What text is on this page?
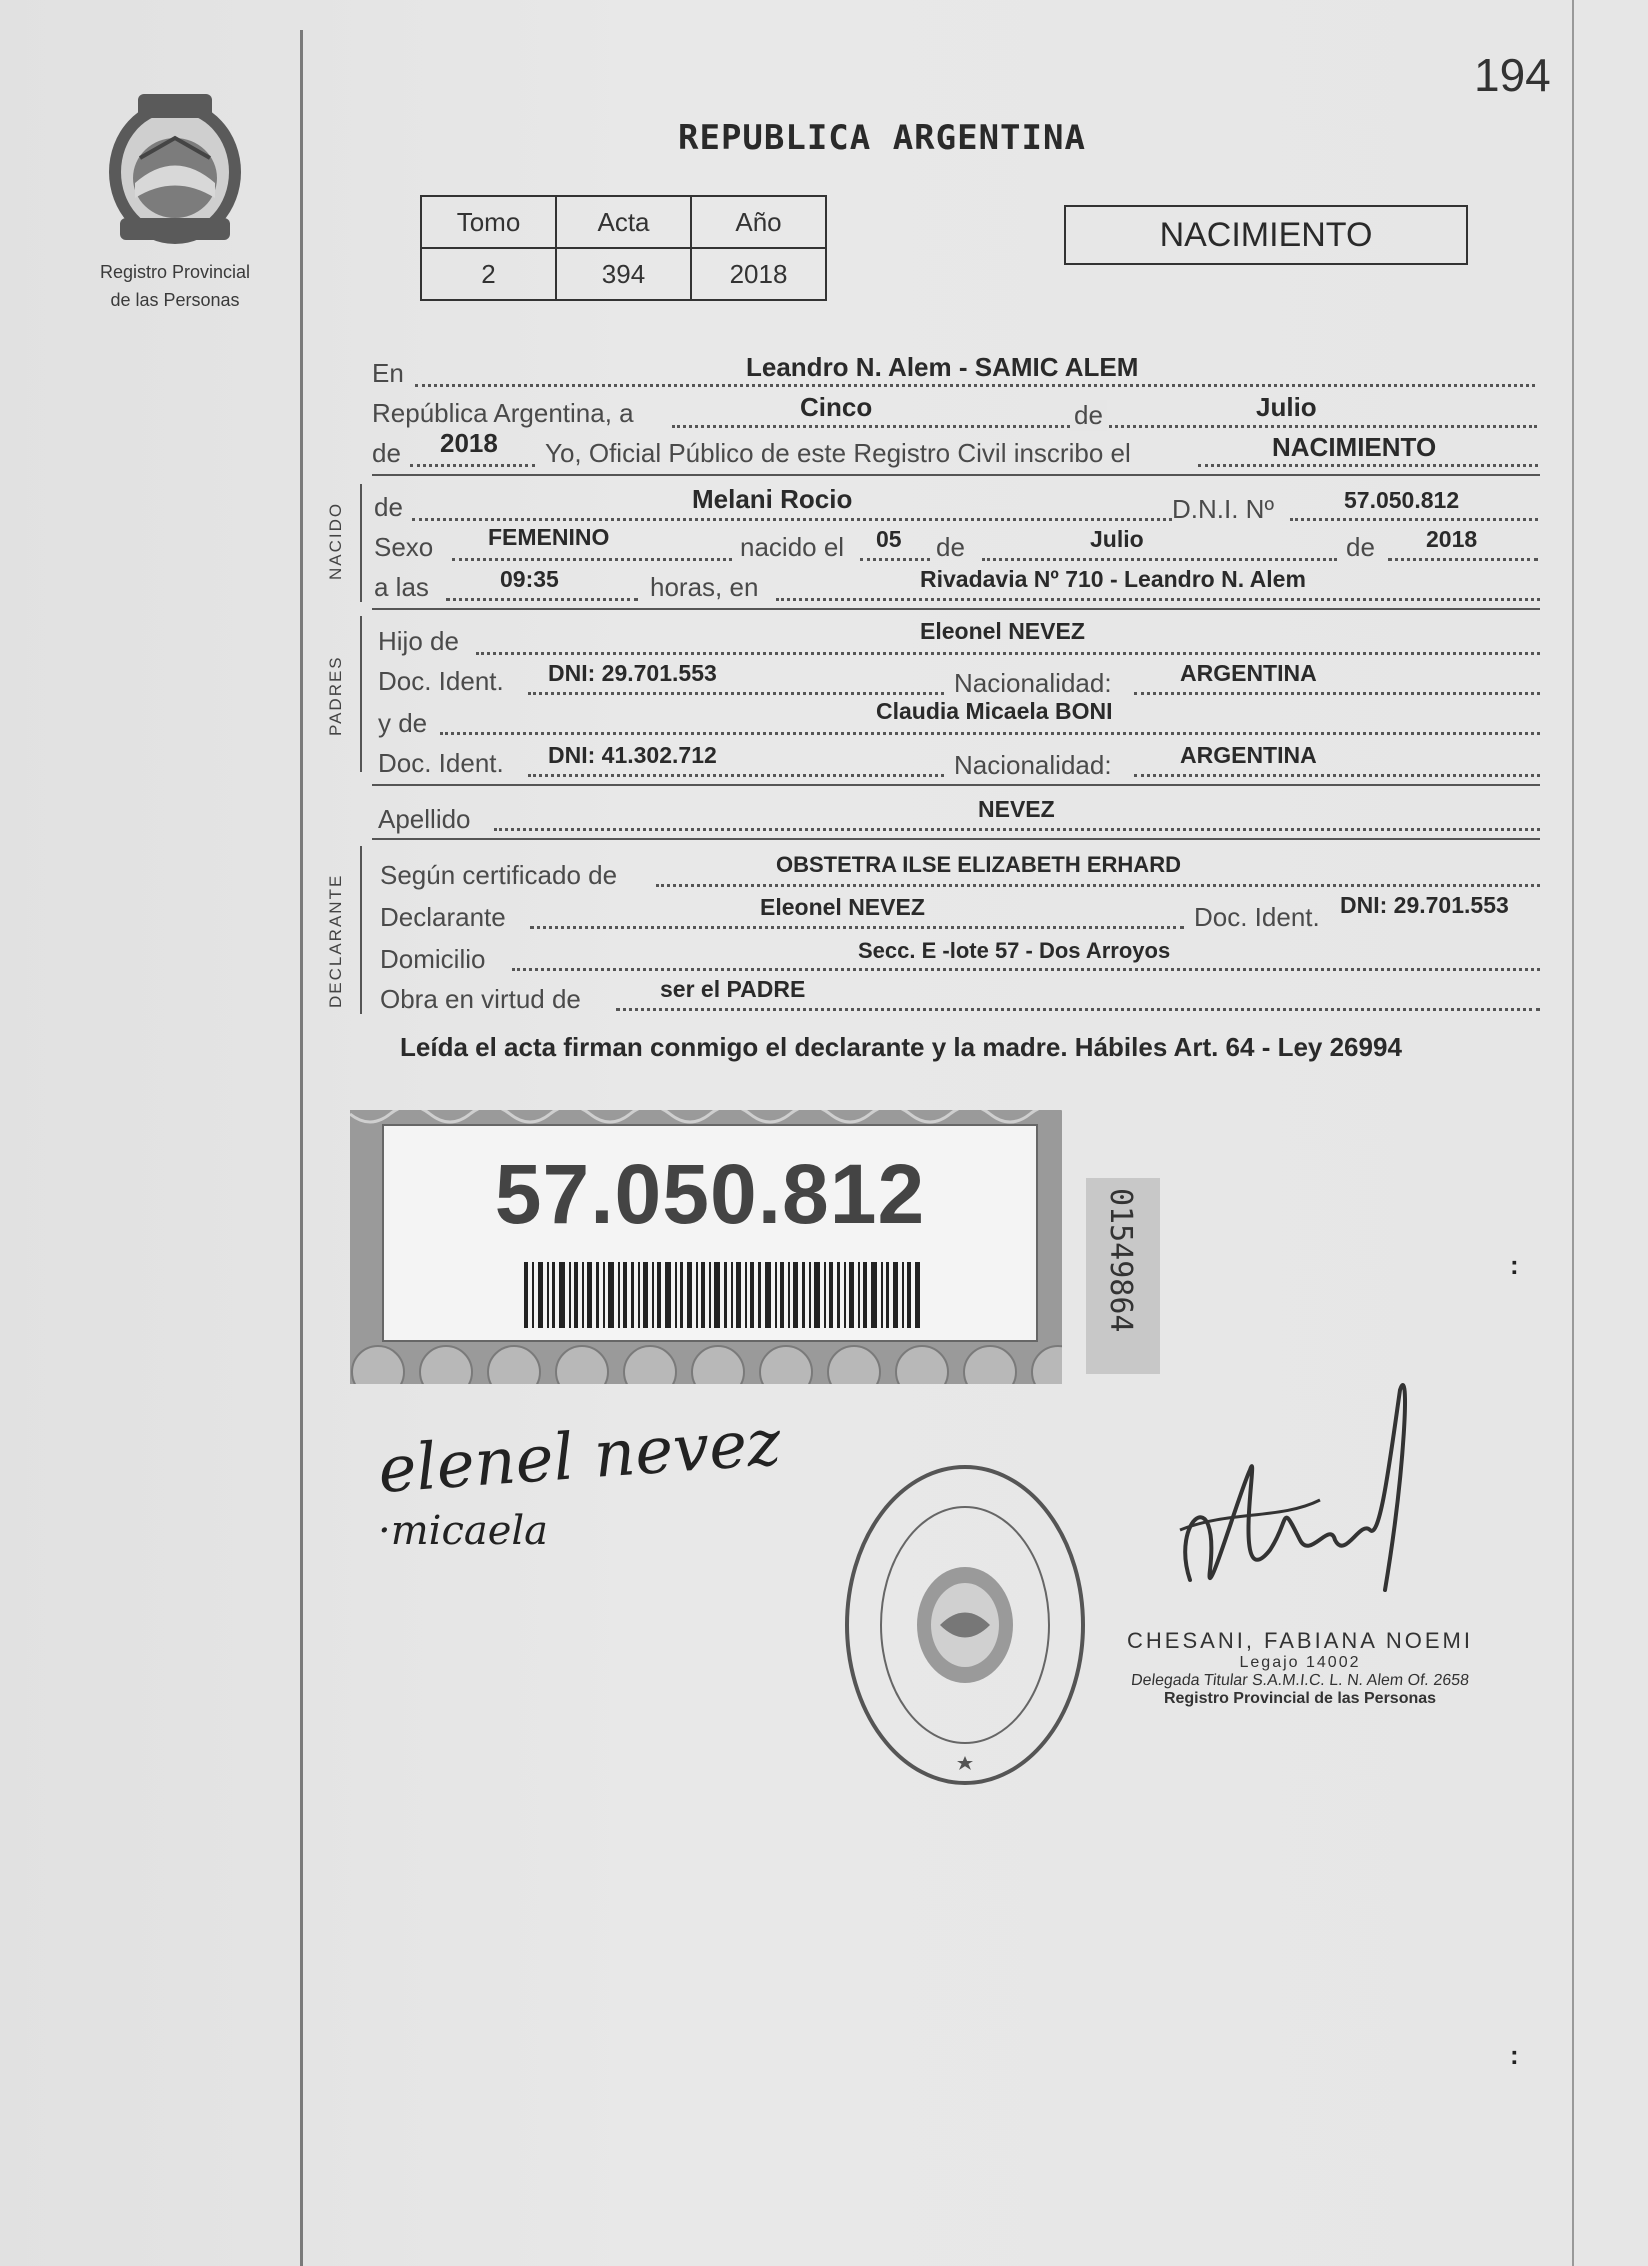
194
Registro Provincial
de las Personas
REPUBLICA ARGENTINA
Tomo	Acta	Año
2	394	2018
NACIMIENTO
En	Leandro N. Alem - SAMIC ALEM
República Argentina, a	Cinco	de	Julio
de 2018 Yo, Oficial Público de este Registro Civil inscribo el	NACIMIENTO
NACIDO de	Melani Rocio	D.N.I. Nº	57.050.812
Sexo FEMENINO	nacido el 05 de	Julio	de 2018
a las	09:35	horas, en	Rivadavia Nº 710 - Leandro N. Alem
PADRES
Hijo de	Eleonel NEVEZ
Doc. Ident. DNI: 29.701.553	Nacionalidad:	ARGENTINA
y de	Claudia Micaela BONI
Doc. Ident. DNI: 41.302.712	Nacionalidad:	ARGENTINA
Apellido	NEVEZ
DECLARANTE Según certificado de	OBSTETRA ILSE ELIZABETH ERHARD
Declarante	Eleonel NEVEZ	Doc. Ident. DNI: 29.701.553
Domicilio	Secc. E -lote 57 - Dos Arroyos
Obra en virtud de	ser el PADRE
Leída el acta firman conmigo el declarante y la madre. Hábiles Art. 64 - Ley 26994
57.050.812	01549864
elenel nevez
·micaela
CHESANI, FABIANA NOEMI
Legajo 14002
Delegada Titular S.A.M.I.C. L. N. Alem Of. 2658
Registro Provincial de las Personas
:
:
